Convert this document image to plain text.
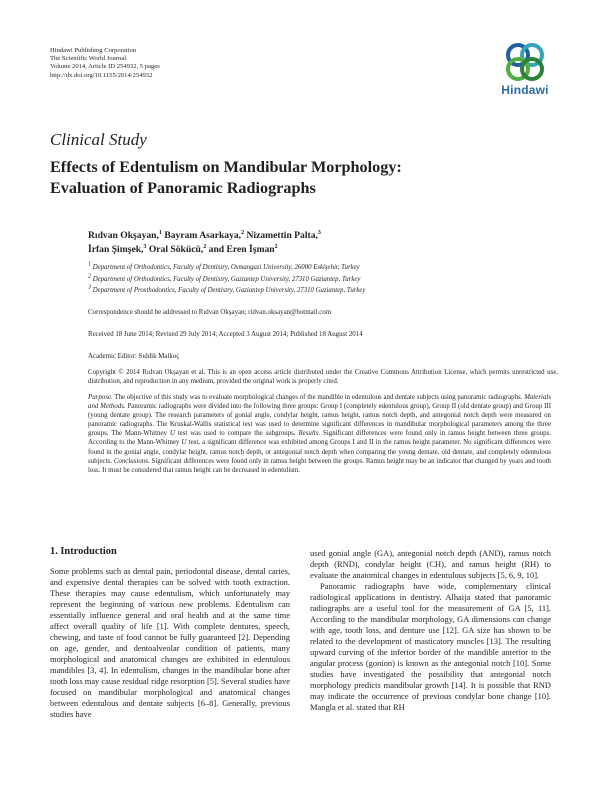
Hindawi Publishing Corporation
The Scientific World Journal
Volume 2014, Article ID 254932, 5 pages
http://dx.doi.org/10.1155/2014/254932
Hindawi
Clinical Study
Effects of Edentulism on Mandibular Morphology:
Evaluation of Panoramic Radiographs
Rıdvan Okşayan,$^1$ Bayram Asarkaya,$^2$ Nizamettin Palta,$^3$
İrfan Şimşek,$^3$ Oral Sökücü,$^2$ and Eren İşman$^2$
$^1$ Department of Orthodontics, Faculty of Dentistry, Osmangazi University, 26000 Eskişehir, Turkey
$^2$ Department of Orthodontics, Faculty of Dentistry, Gaziantep University, 27310 Gaziantep, Turkey
$^3$ Department of Prosthodontics, Faculty of Dentistry, Gaziantep University, 27310 Gaziantep, Turkey
Correspondence should be addressed to Rıdvan Okşayan; ridvan.oksayan@hotmail.com
Received 18 June 2014; Revised 29 July 2014; Accepted 3 August 2014; Published 18 August 2014
Academic Editor: Sıddik Malkoç
Copyright © 2014 Rıdvan Okşayan et al. This is an open access article distributed under the Creative Commons Attribution License, which permits unrestricted use, distribution, and reproduction in any medium, provided the original work is properly cited.
Purpose. The objective of this study was to evaluate morphological changes of the mandible in edentulous and dentate subjects using panoramic radiographs. Materials and Methods. Panoramic radiographs were divided into the following three groups: Group I (completely edentulous group), Group II (old dentate group) and Group III (young dentate group). The research parameters of gonial angle, condylar height, ramus height, ramus notch depth, and antegonial notch depth were measured on panoramic radiographs. The Kruskal-Wallis statistical test was used to determine significant differences in mandibular morphological parameters among the three groups. The Mann-Whitney U test was used to compare the subgroups. Results. Significant differences were found only in ramus height between three groups. According to the Mann-Whitney U test, a significant difference was exhibited among Groups I and II in the ramus height parameter. No significant differences were found in the gonial angle, condylar height, ramus notch depth, or antegonial notch depth when comparing the young dentate, old dentate, and completely edentulous subjects. Conclusions. Significant differences were found only in ramus height between the groups. Ramus height may be an indicator that changed by years and tooth loss. It must be considered that ramus height can be decreased in edentulism.
1. Introduction

Some problems such as dental pain, periodontal disease, dental caries, and expensive dental therapies can be solved with tooth extraction. These therapies may cause edentulism, which unfortunately may represent the beginning of various new problems. Edentulism can essentially influence general and oral health and at the same time affect overall quality of life [1]. With complete dentures, speech, chewing, and taste of food cannot be fully guaranteed [2]. Depending on age, gender, and dentoalveolar condition of patients, many morphological and anatomical changes are exhibited in edentulous mandibles [3, 4]. In edentulism, changes in the mandibular bone after tooth loss may cause residual ridge resorption [5]. Several studies have focused on mandibular morphological and anatomical changes between edentulous and dentate subjects [6–8]. Generally, previous studies have

used gonial angle (GA), antegonial notch depth (AND), ramus notch depth (RND), condylar height (CH), and ramus height (RH) to evaluate the anatomical changes in edentulous subjects [5, 6, 9, 10].

Panoramic radiographs have wide, complementary clinical radiological applications in dentistry. Alhaija stated that panoramic radiographs are a useful tool for the measurement of GA [5, 11]. According to the mandibular morphology, GA dimensions can change with age, tooth loss, and denture use [12]. GA size has shown to be related to the development of masticatory muscles [13]. The resulting upward curving of the inferior border of the mandible anterior to the angular process (gonion) is known as the antegonial notch [10]. Some studies have investigated the possibility that antegonial notch morphology predicts mandibular growth [14]. It is possible that RND may indicate the occurrence of previous condylar bone change [10]. Mangla et al. stated that RH
